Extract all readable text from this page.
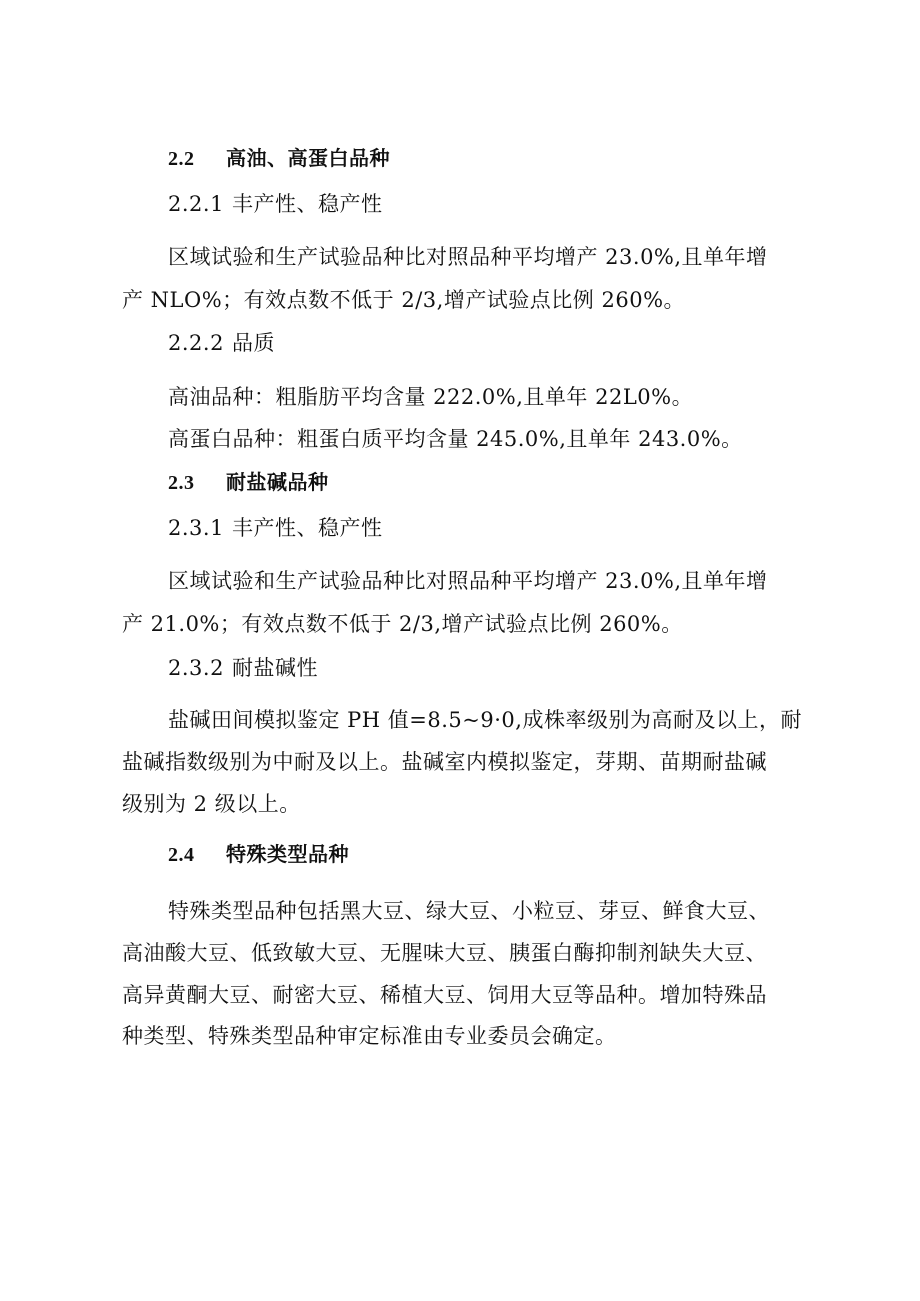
2.2 高油、高蛋白品种
2.2.1 丰产性、稳产性
区域试验和生产试验品种比对照品种平均增产 23.0%,且单年增
产 NLO%；有效点数不低于 2/3,增产试验点比例 260%。
2.2.2 品质
高油品种：粗脂肪平均含量 222.0%,且单年 22L0%。
高蛋白品种：粗蛋白质平均含量 245.0%,且单年 243.0%。
2.3 耐盐碱品种
2.3.1 丰产性、稳产性
区域试验和生产试验品种比对照品种平均增产 23.0%,且单年增
产 21.0%；有效点数不低于 2/3,增产试验点比例 260%。
2.3.2 耐盐碱性
盐碱田间模拟鉴定 PH 值=8.5~9·0,成株率级别为高耐及以上，耐
盐碱指数级别为中耐及以上。盐碱室内模拟鉴定，芽期、苗期耐盐碱
级别为 2 级以上。
2.4 特殊类型品种
特殊类型品种包括黑大豆、绿大豆、小粒豆、芽豆、鲜食大豆、
高油酸大豆、低致敏大豆、无腥味大豆、胰蛋白酶抑制剂缺失大豆、
高异黄酮大豆、耐密大豆、稀植大豆、饲用大豆等品种。增加特殊品
种类型、特殊类型品种审定标准由专业委员会确定。
